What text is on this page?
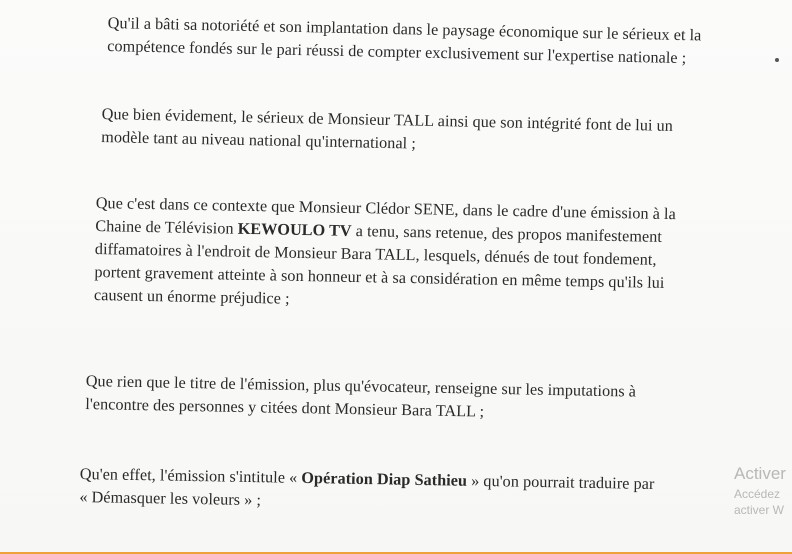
Qu'il a bâti sa notoriété et son implantation dans le paysage économique sur le sérieux et la
compétence fondés sur le pari réussi de compter exclusivement sur l'expertise nationale ;
Que bien évidement, le sérieux de Monsieur TALL ainsi que son intégrité font de lui un
modèle tant au niveau national qu'international ;
Que c'est dans ce contexte que Monsieur Clédor SENE, dans le cadre d'une émission à la
Chaine de Télévision KEWOULO TV a tenu, sans retenue, des propos manifestement
diffamatoires à l'endroit de Monsieur Bara TALL, lesquels, dénués de tout fondement,
portent gravement atteinte à son honneur et à sa considération en même temps qu'ils lui
causent un énorme préjudice ;
Que rien que le titre de l'émission, plus qu'évocateur, renseigne sur les imputations à
l'encontre des personnes y citées dont Monsieur Bara TALL ;
Qu'en effet, l'émission s'intitule « Opération Diap Sathieu » qu'on pourrait traduire par
« Démasquer les voleurs » ;
Activer
Accédez
activer W
